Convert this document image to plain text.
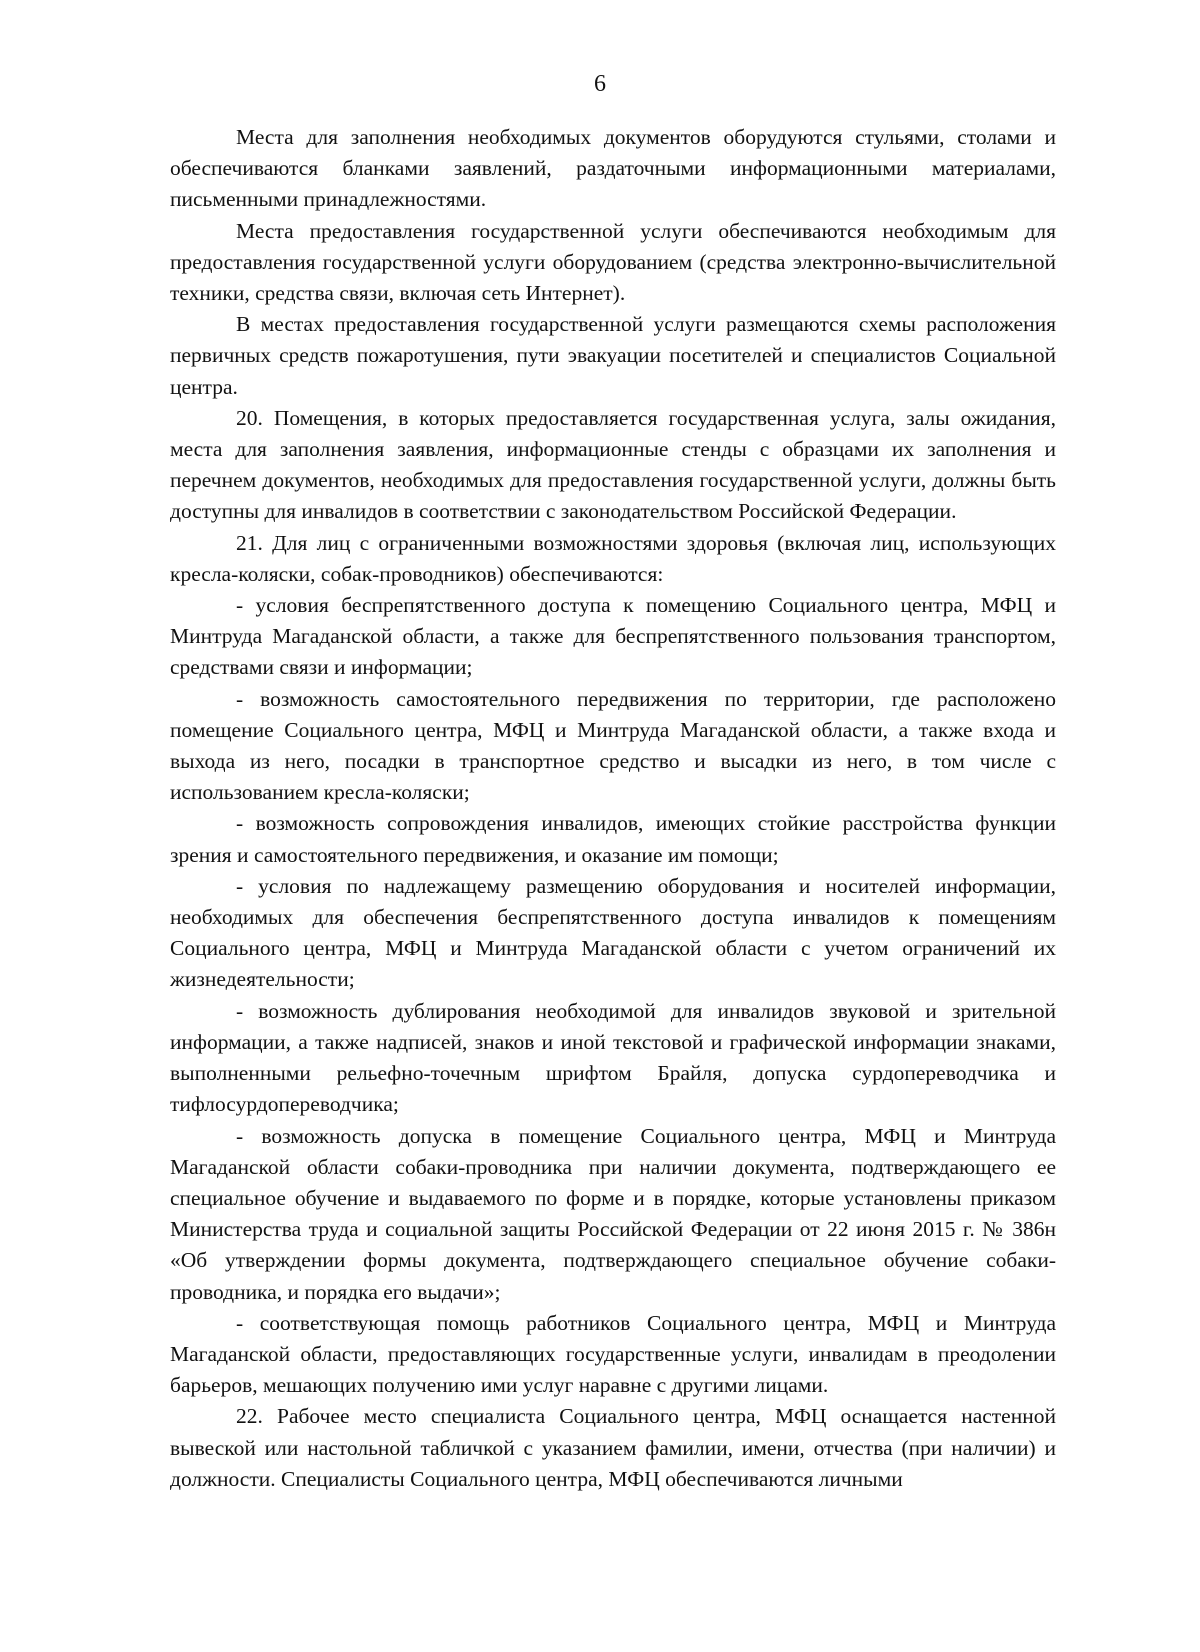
6

Места для заполнения необходимых документов оборудуются стульями, столами и обеспечиваются бланками заявлений, раздаточными информационными материалами, письменными принадлежностями.

Места предоставления государственной услуги обеспечиваются необходимым для предоставления государственной услуги оборудованием (средства электронно-вычислительной техники, средства связи, включая сеть Интернет).

В местах предоставления государственной услуги размещаются схемы расположения первичных средств пожаротушения, пути эвакуации посетителей и специалистов Социальной центра.

20. Помещения, в которых предоставляется государственная услуга, залы ожидания, места для заполнения заявления, информационные стенды с образцами их заполнения и перечнем документов, необходимых для предоставления государственной услуги, должны быть доступны для инвалидов в соответствии с законодательством Российской Федерации.

21. Для лиц с ограниченными возможностями здоровья (включая лиц, использующих кресла-коляски, собак-проводников) обеспечиваются:

- условия беспрепятственного доступа к помещению Социального центра, МФЦ и Минтруда Магаданской области, а также для беспрепятственного пользования транспортом, средствами связи и информации;

- возможность самостоятельного передвижения по территории, где расположено помещение Социального центра, МФЦ и Минтруда Магаданской области, а также входа и выхода из него, посадки в транспортное средство и высадки из него, в том числе с использованием кресла-коляски;

- возможность сопровождения инвалидов, имеющих стойкие расстройства функции зрения и самостоятельного передвижения, и оказание им помощи;

- условия по надлежащему размещению оборудования и носителей информации, необходимых для обеспечения беспрепятственного доступа инвалидов к помещениям Социального центра, МФЦ и Минтруда Магаданской области с учетом ограничений их жизнедеятельности;

- возможность дублирования необходимой для инвалидов звуковой и зрительной информации, а также надписей, знаков и иной текстовой и графической информации знаками, выполненными рельефно-точечным шрифтом Брайля, допуска сурдопереводчика и тифлосурдопереводчика;

- возможность допуска в помещение Социального центра, МФЦ и Минтруда Магаданской области собаки-проводника при наличии документа, подтверждающего ее специальное обучение и выдаваемого по форме и в порядке, которые установлены приказом Министерства труда и социальной защиты Российской Федерации от 22 июня 2015 г. № 386н «Об утверждении формы документа, подтверждающего специальное обучение собаки-проводника, и порядка его выдачи»;

- соответствующая помощь работников Социального центра, МФЦ и Минтруда Магаданской области, предоставляющих государственные услуги, инвалидам в преодолении барьеров, мешающих получению ими услуг наравне с другими лицами.

22. Рабочее место специалиста Социального центра, МФЦ оснащается настенной вывеской или настольной табличкой с указанием фамилии, имени, отчества (при наличии) и должности. Специалисты Социального центра, МФЦ обеспечиваются личными
